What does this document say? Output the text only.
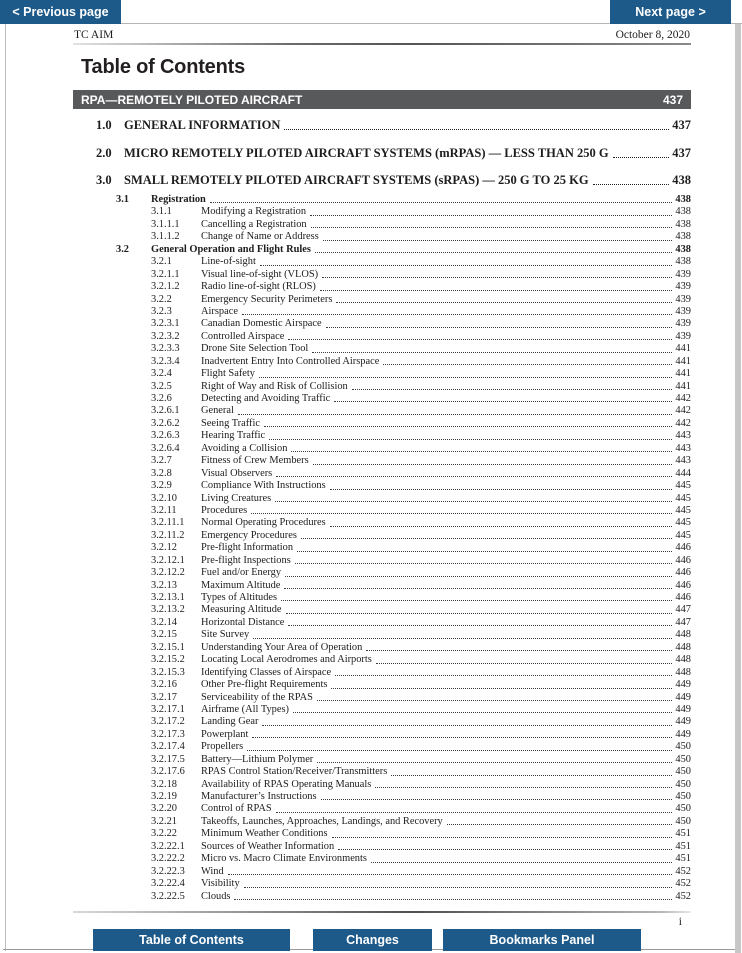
< Previous page	Next page >
TC AIM	October 8, 2020
Table of Contents
RPA—REMOTELY PILOTED AIRCRAFT	437
1.0 GENERAL INFORMATION	437
2.0 MICRO REMOTELY PILOTED AIRCRAFT SYSTEMS (mRPAS) — LESS THAN 250 G	437
3.0 SMALL REMOTELY PILOTED AIRCRAFT SYSTEMS (sRPAS) — 250 G TO 25 KG	438
3.1	Registration	438
3.1.1	Modifying a Registration	438
3.1.1.1	Cancelling a Registration	438
3.1.1.2	Change of Name or Address	438
3.2	General Operation and Flight Rules	438
3.2.1	Line-of-sight	438
3.2.1.1	Visual line-of-sight (VLOS)	439
3.2.1.2	Radio line-of-sight (RLOS)	439
3.2.2	Emergency Security Perimeters	439
3.2.3	Airspace	439
3.2.3.1	Canadian Domestic Airspace	439
3.2.3.2	Controlled Airspace	439
3.2.3.3	Drone Site Selection Tool	441
3.2.3.4	Inadvertent Entry Into Controlled Airspace	441
3.2.4	Flight Safety	441
3.2.5	Right of Way and Risk of Collision	441
3.2.6	Detecting and Avoiding Traffic	442
3.2.6.1	General	442
3.2.6.2	Seeing Traffic	442
3.2.6.3	Hearing Traffic	443
3.2.6.4	Avoiding a Collision	443
3.2.7	Fitness of Crew Members	443
3.2.8	Visual Observers	444
3.2.9	Compliance With Instructions	445
3.2.10	Living Creatures	445
3.2.11	Procedures	445
3.2.11.1	Normal Operating Procedures	445
3.2.11.2	Emergency Procedures	445
3.2.12	Pre-flight Information	446
3.2.12.1	Pre-flight Inspections	446
3.2.12.2	Fuel and/or Energy	446
3.2.13	Maximum Altitude	446
3.2.13.1	Types of Altitudes	446
3.2.13.2	Measuring Altitude	447
3.2.14	Horizontal Distance	447
3.2.15	Site Survey	448
3.2.15.1	Understanding Your Area of Operation	448
3.2.15.2	Locating Local Aerodromes and Airports	448
3.2.15.3	Identifying Classes of Airspace	448
3.2.16	Other Pre-flight Requirements	449
3.2.17	Serviceability of the RPAS	449
3.2.17.1	Airframe (All Types)	449
3.2.17.2	Landing Gear	449
3.2.17.3	Powerplant	449
3.2.17.4	Propellers	450
3.2.17.5	Battery—Lithium Polymer	450
3.2.17.6	RPAS Control Station/Receiver/Transmitters	450
3.2.18	Availability of RPAS Operating Manuals	450
3.2.19	Manufacturer’s Instructions	450
3.2.20	Control of RPAS	450
3.2.21	Takeoffs, Launches, Approaches, Landings, and Recovery	450
3.2.22	Minimum Weather Conditions	451
3.2.22.1	Sources of Weather Information	451
3.2.22.2	Micro vs. Macro Climate Environments	451
3.2.22.3	Wind	452
3.2.22.4	Visibility	452
3.2.22.5	Clouds	452
i
Table of Contents	Changes	Bookmarks Panel
